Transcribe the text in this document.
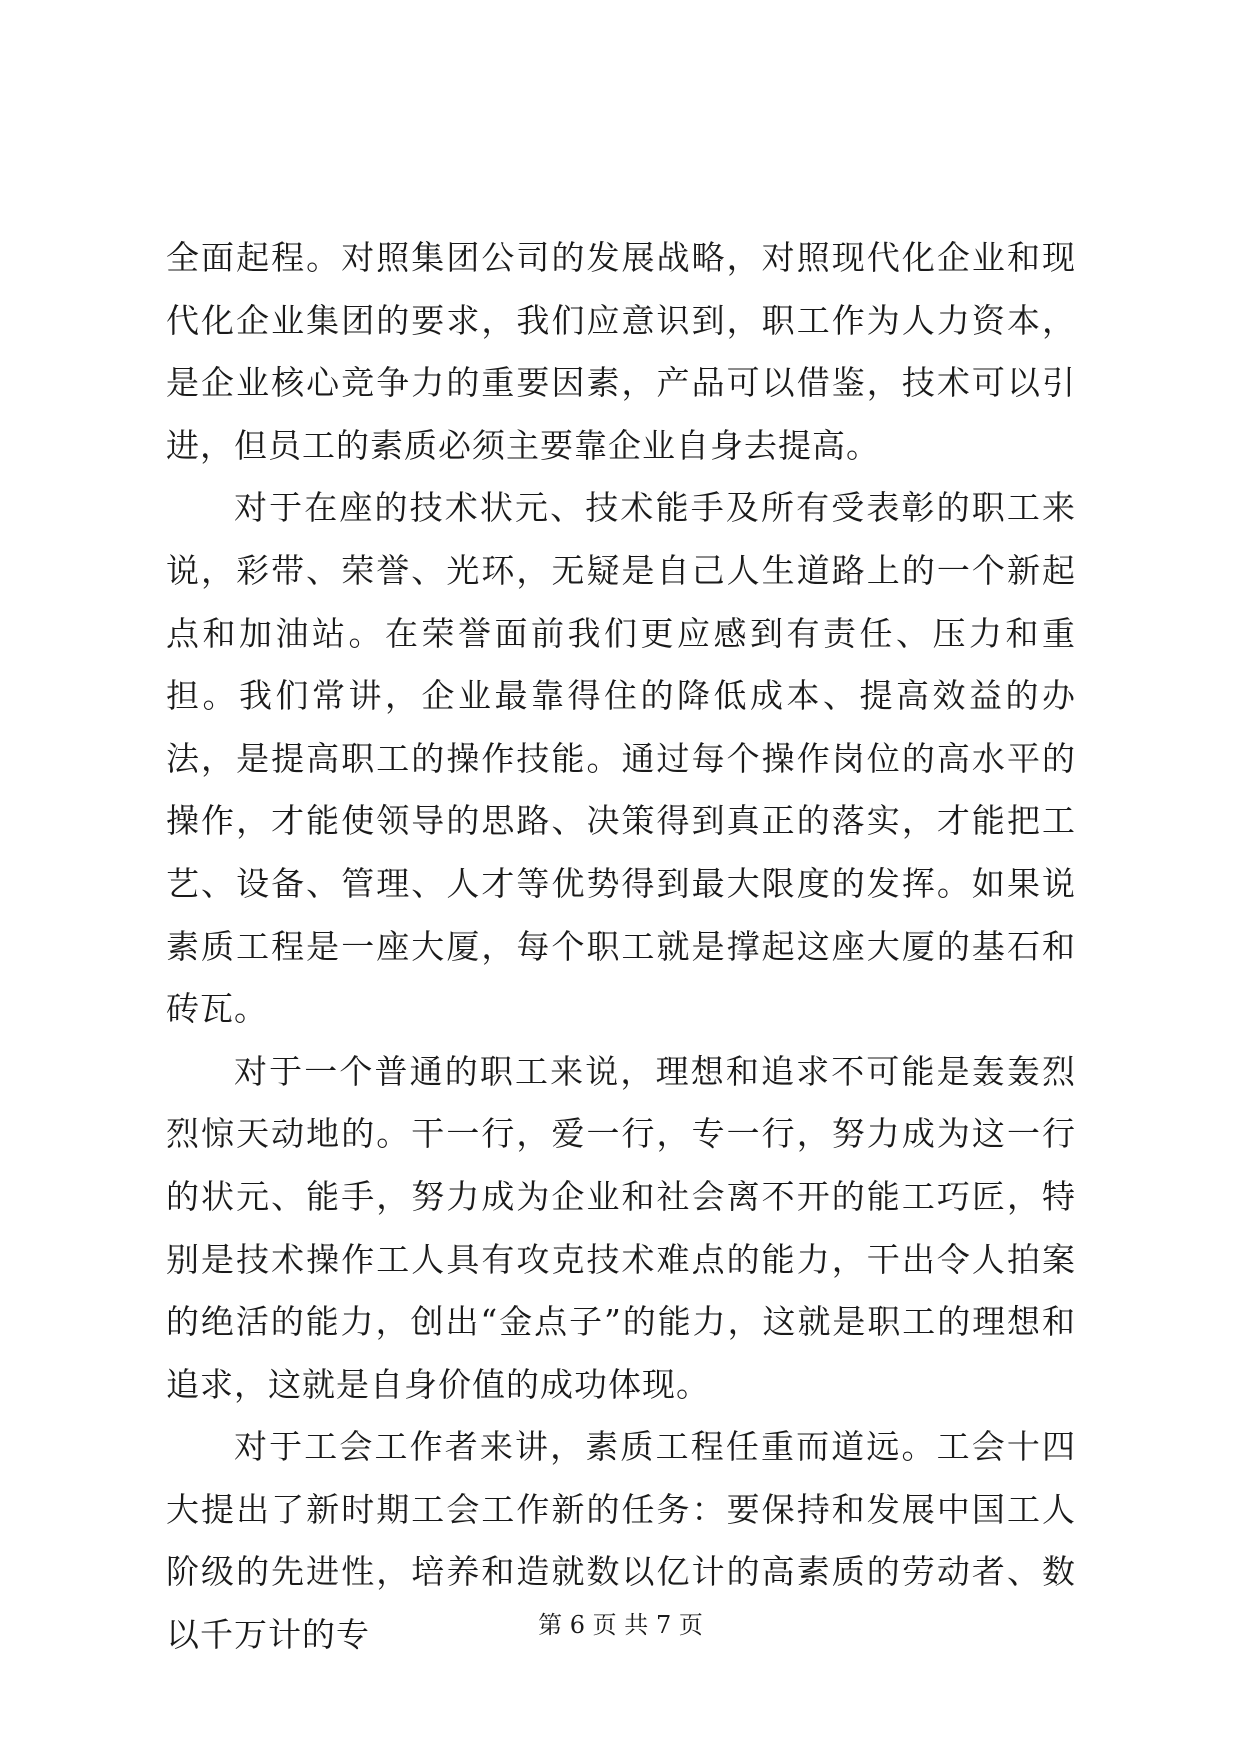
全面起程。对照集团公司的发展战略，对照现代化企业和现代化企业集团的要求，我们应意识到，职工作为人力资本，是企业核心竞争力的重要因素，产品可以借鉴，技术可以引进，但员工的素质必须主要靠企业自身去提高。

对于在座的技术状元、技术能手及所有受表彰的职工来说，彩带、荣誉、光环，无疑是自己人生道路上的一个新起点和加油站。在荣誉面前我们更应感到有责任、压力和重担。我们常讲，企业最靠得住的降低成本、提高效益的办法，是提高职工的操作技能。通过每个操作岗位的高水平的操作，才能使领导的思路、决策得到真正的落实，才能把工艺、设备、管理、人才等优势得到最大限度的发挥。如果说素质工程是一座大厦，每个职工就是撑起这座大厦的基石和砖瓦。

对于一个普通的职工来说，理想和追求不可能是轰轰烈烈惊天动地的。干一行，爱一行，专一行，努力成为这一行的状元、能手，努力成为企业和社会离不开的能工巧匠，特别是技术操作工人具有攻克技术难点的能力，干出令人拍案的绝活的能力，创出“金点子”的能力，这就是职工的理想和追求，这就是自身价值的成功体现。

对于工会工作者来讲，素质工程任重而道远。工会十四大提出了新时期工会工作新的任务：要保持和发展中国工人阶级的先进性，培养和造就数以亿计的高素质的劳动者、数以千万计的专	第 6 页 共 7 页
